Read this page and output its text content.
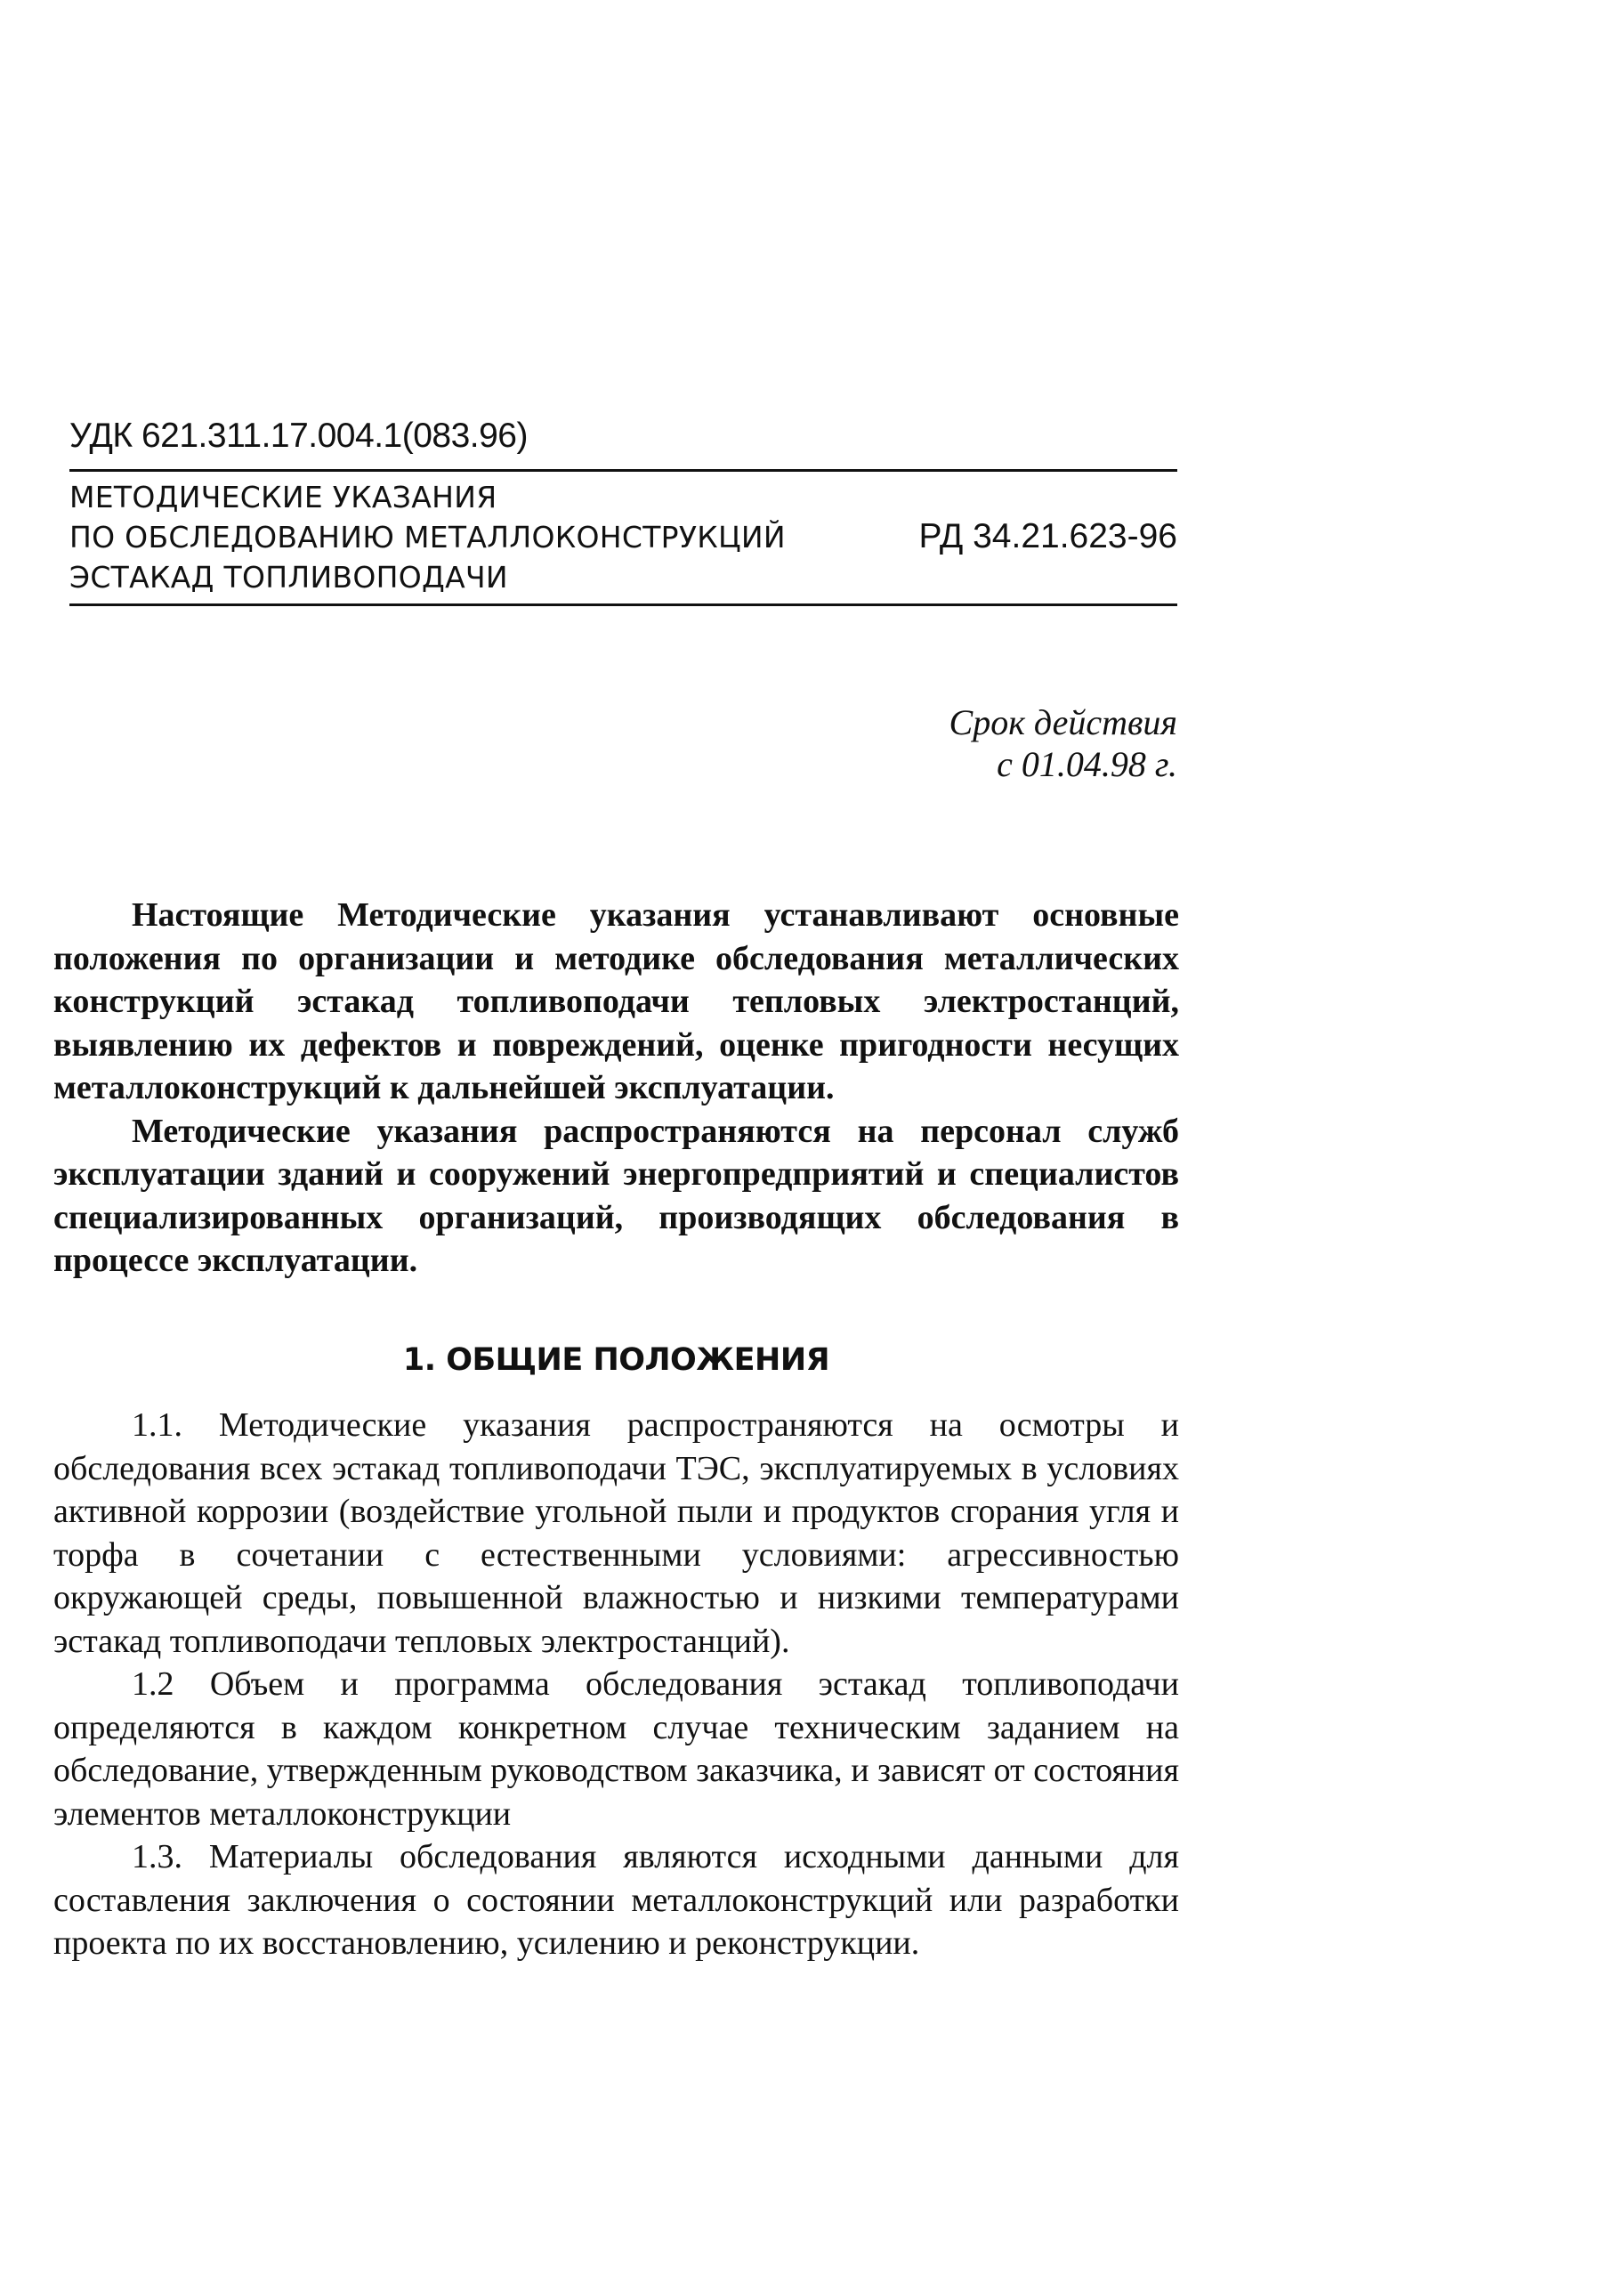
УДК 621.311.17.004.1(083.96)
МЕТОДИЧЕСКИЕ УКАЗАНИЯ
ПО ОБСЛЕДОВАНИЮ МЕТАЛЛОКОНСТРУКЦИЙ
ЭСТАКАД ТОПЛИВОПОДАЧИ
РД 34.21.623-96
Срок действия
с 01.04.98 г.

Настоящие Методические указания устанавливают основные положения по организации и методике обследования металлических конструкций эстакад топливоподачи тепловых электростанций, выявлению их дефектов и повреждений, оценке пригодности несущих металлоконструкций к дальнейшей эксплуатации.

Методические указания распространяются на персонал служб эксплуатации зданий и сооружений энергопредприятий и специалистов специализированных организаций, производящих обследования в процессе эксплуатации.

1. ОБЩИЕ ПОЛОЖЕНИЯ

1.1. Методические указания распространяются на осмотры и обследования всех эстакад топливоподачи ТЭС, эксплуатируемых в условиях активной коррозии (воздействие угольной пыли и продуктов сгорания угля и торфа в сочетании с естественными условиями: агрессивностью окружающей среды, повышенной влажностью и низкими температурами эстакад топливоподачи тепловых электростанций).

1.2 Объем и программа обследования эстакад топливоподачи определяются в каждом конкретном случае техническим заданием на обследование, утвержденным руководством заказчика, и зависят от состояния элементов металлоконструкции

1.3. Материалы обследования являются исходными данными для составления заключения о состоянии металлоконструкций или разработки проекта по их восстановлению, усилению и реконструкции.
